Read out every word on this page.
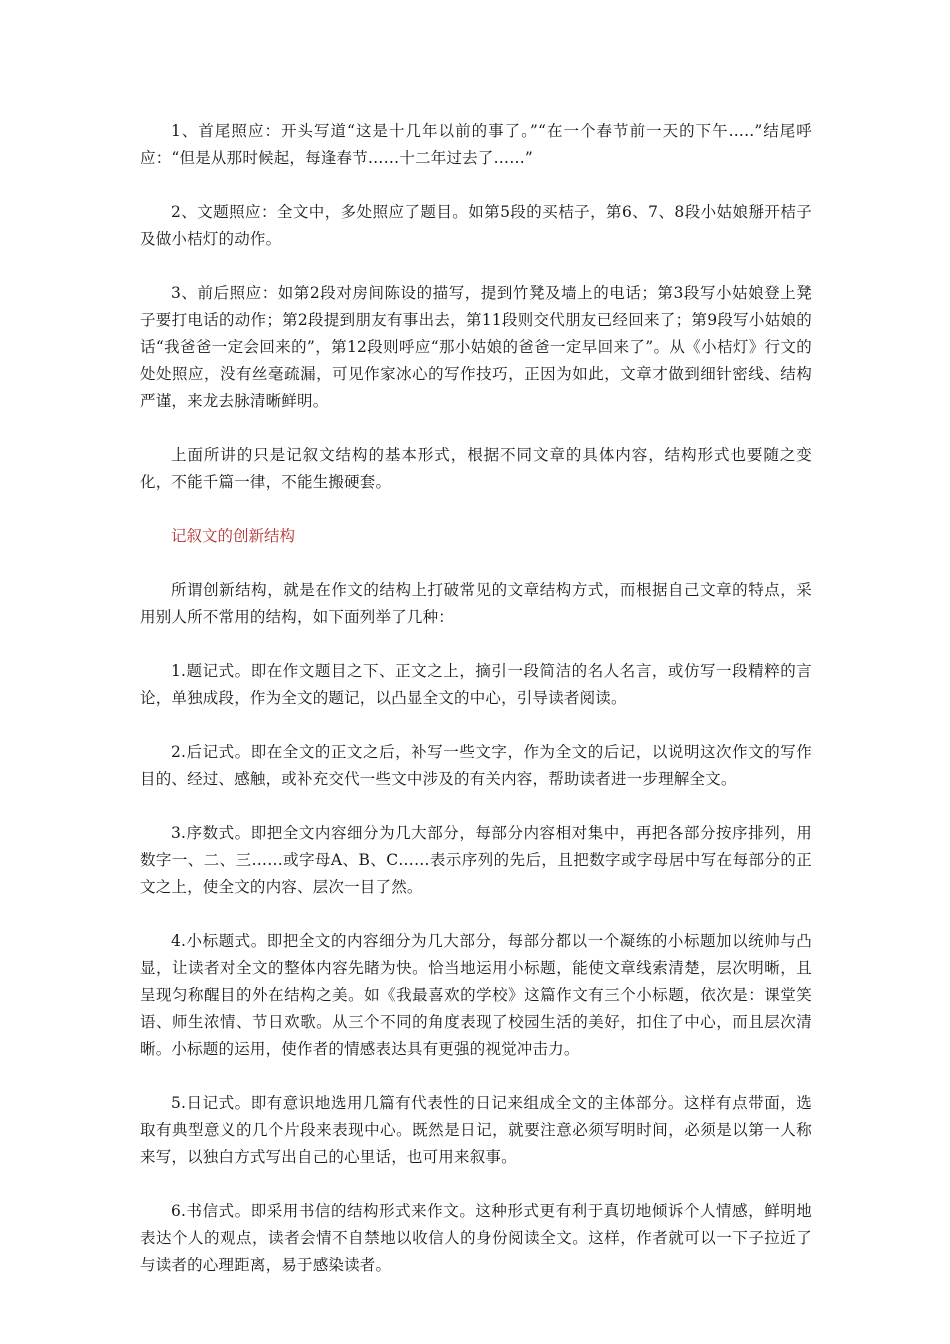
1、首尾照应：开头写道“这是十几年以前的事了。”“在一个春节前一天的下午.....”结尾呼应：“但是从那时候起，每逢春节……十二年过去了……”

2、文题照应：全文中，多处照应了题目。如第5段的买桔子，第6、7、8段小姑娘掰开桔子及做小桔灯的动作。

3、前后照应：如第2段对房间陈设的描写，提到竹凳及墙上的电话；第3段写小姑娘登上凳子要打电话的动作；第2段提到朋友有事出去，第11段则交代朋友已经回来了；第9段写小姑娘的话“我爸爸一定会回来的”，第12段则呼应“那小姑娘的爸爸一定早回来了”。从《小桔灯》行文的处处照应，没有丝毫疏漏，可见作家冰心的写作技巧，正因为如此，文章才做到细针密线、结构严谨，来龙去脉清晰鲜明。

上面所讲的只是记叙文结构的基本形式，根据不同文章的具体内容，结构形式也要随之变化，不能千篇一律，不能生搬硬套。

记叙文的创新结构

所谓创新结构，就是在作文的结构上打破常见的文章结构方式，而根据自己文章的特点，采用别人所不常用的结构，如下面列举了几种：

1.题记式。即在作文题目之下、正文之上，摘引一段简洁的名人名言，或仿写一段精粹的言论，单独成段，作为全文的题记，以凸显全文的中心，引导读者阅读。

2.后记式。即在全文的正文之后，补写一些文字，作为全文的后记，以说明这次作文的写作目的、经过、感触，或补充交代一些文中涉及的有关内容，帮助读者进一步理解全文。

3.序数式。即把全文内容细分为几大部分，每部分内容相对集中，再把各部分按序排列，用数字一、二、三……或字母A、B、C……表示序列的先后，且把数字或字母居中写在每部分的正文之上，使全文的内容、层次一目了然。

4.小标题式。即把全文的内容细分为几大部分，每部分都以一个凝练的小标题加以统帅与凸显，让读者对全文的整体内容先睹为快。恰当地运用小标题，能使文章线索清楚，层次明晰，且呈现匀称醒目的外在结构之美。如《我最喜欢的学校》这篇作文有三个小标题，依次是：课堂笑语、师生浓情、节日欢歌。从三个不同的角度表现了校园生活的美好，扣住了中心，而且层次清晰。小标题的运用，使作者的情感表达具有更强的视觉冲击力。

5.日记式。即有意识地选用几篇有代表性的日记来组成全文的主体部分。这样有点带面，选取有典型意义的几个片段来表现中心。既然是日记，就要注意必须写明时间，必须是以第一人称来写，以独白方式写出自己的心里话，也可用来叙事。

6.书信式。即采用书信的结构形式来作文。这种形式更有利于真切地倾诉个人情感，鲜明地表达个人的观点，读者会情不自禁地以收信人的身份阅读全文。这样，作者就可以一下子拉近了与读者的心理距离，易于感染读者。
